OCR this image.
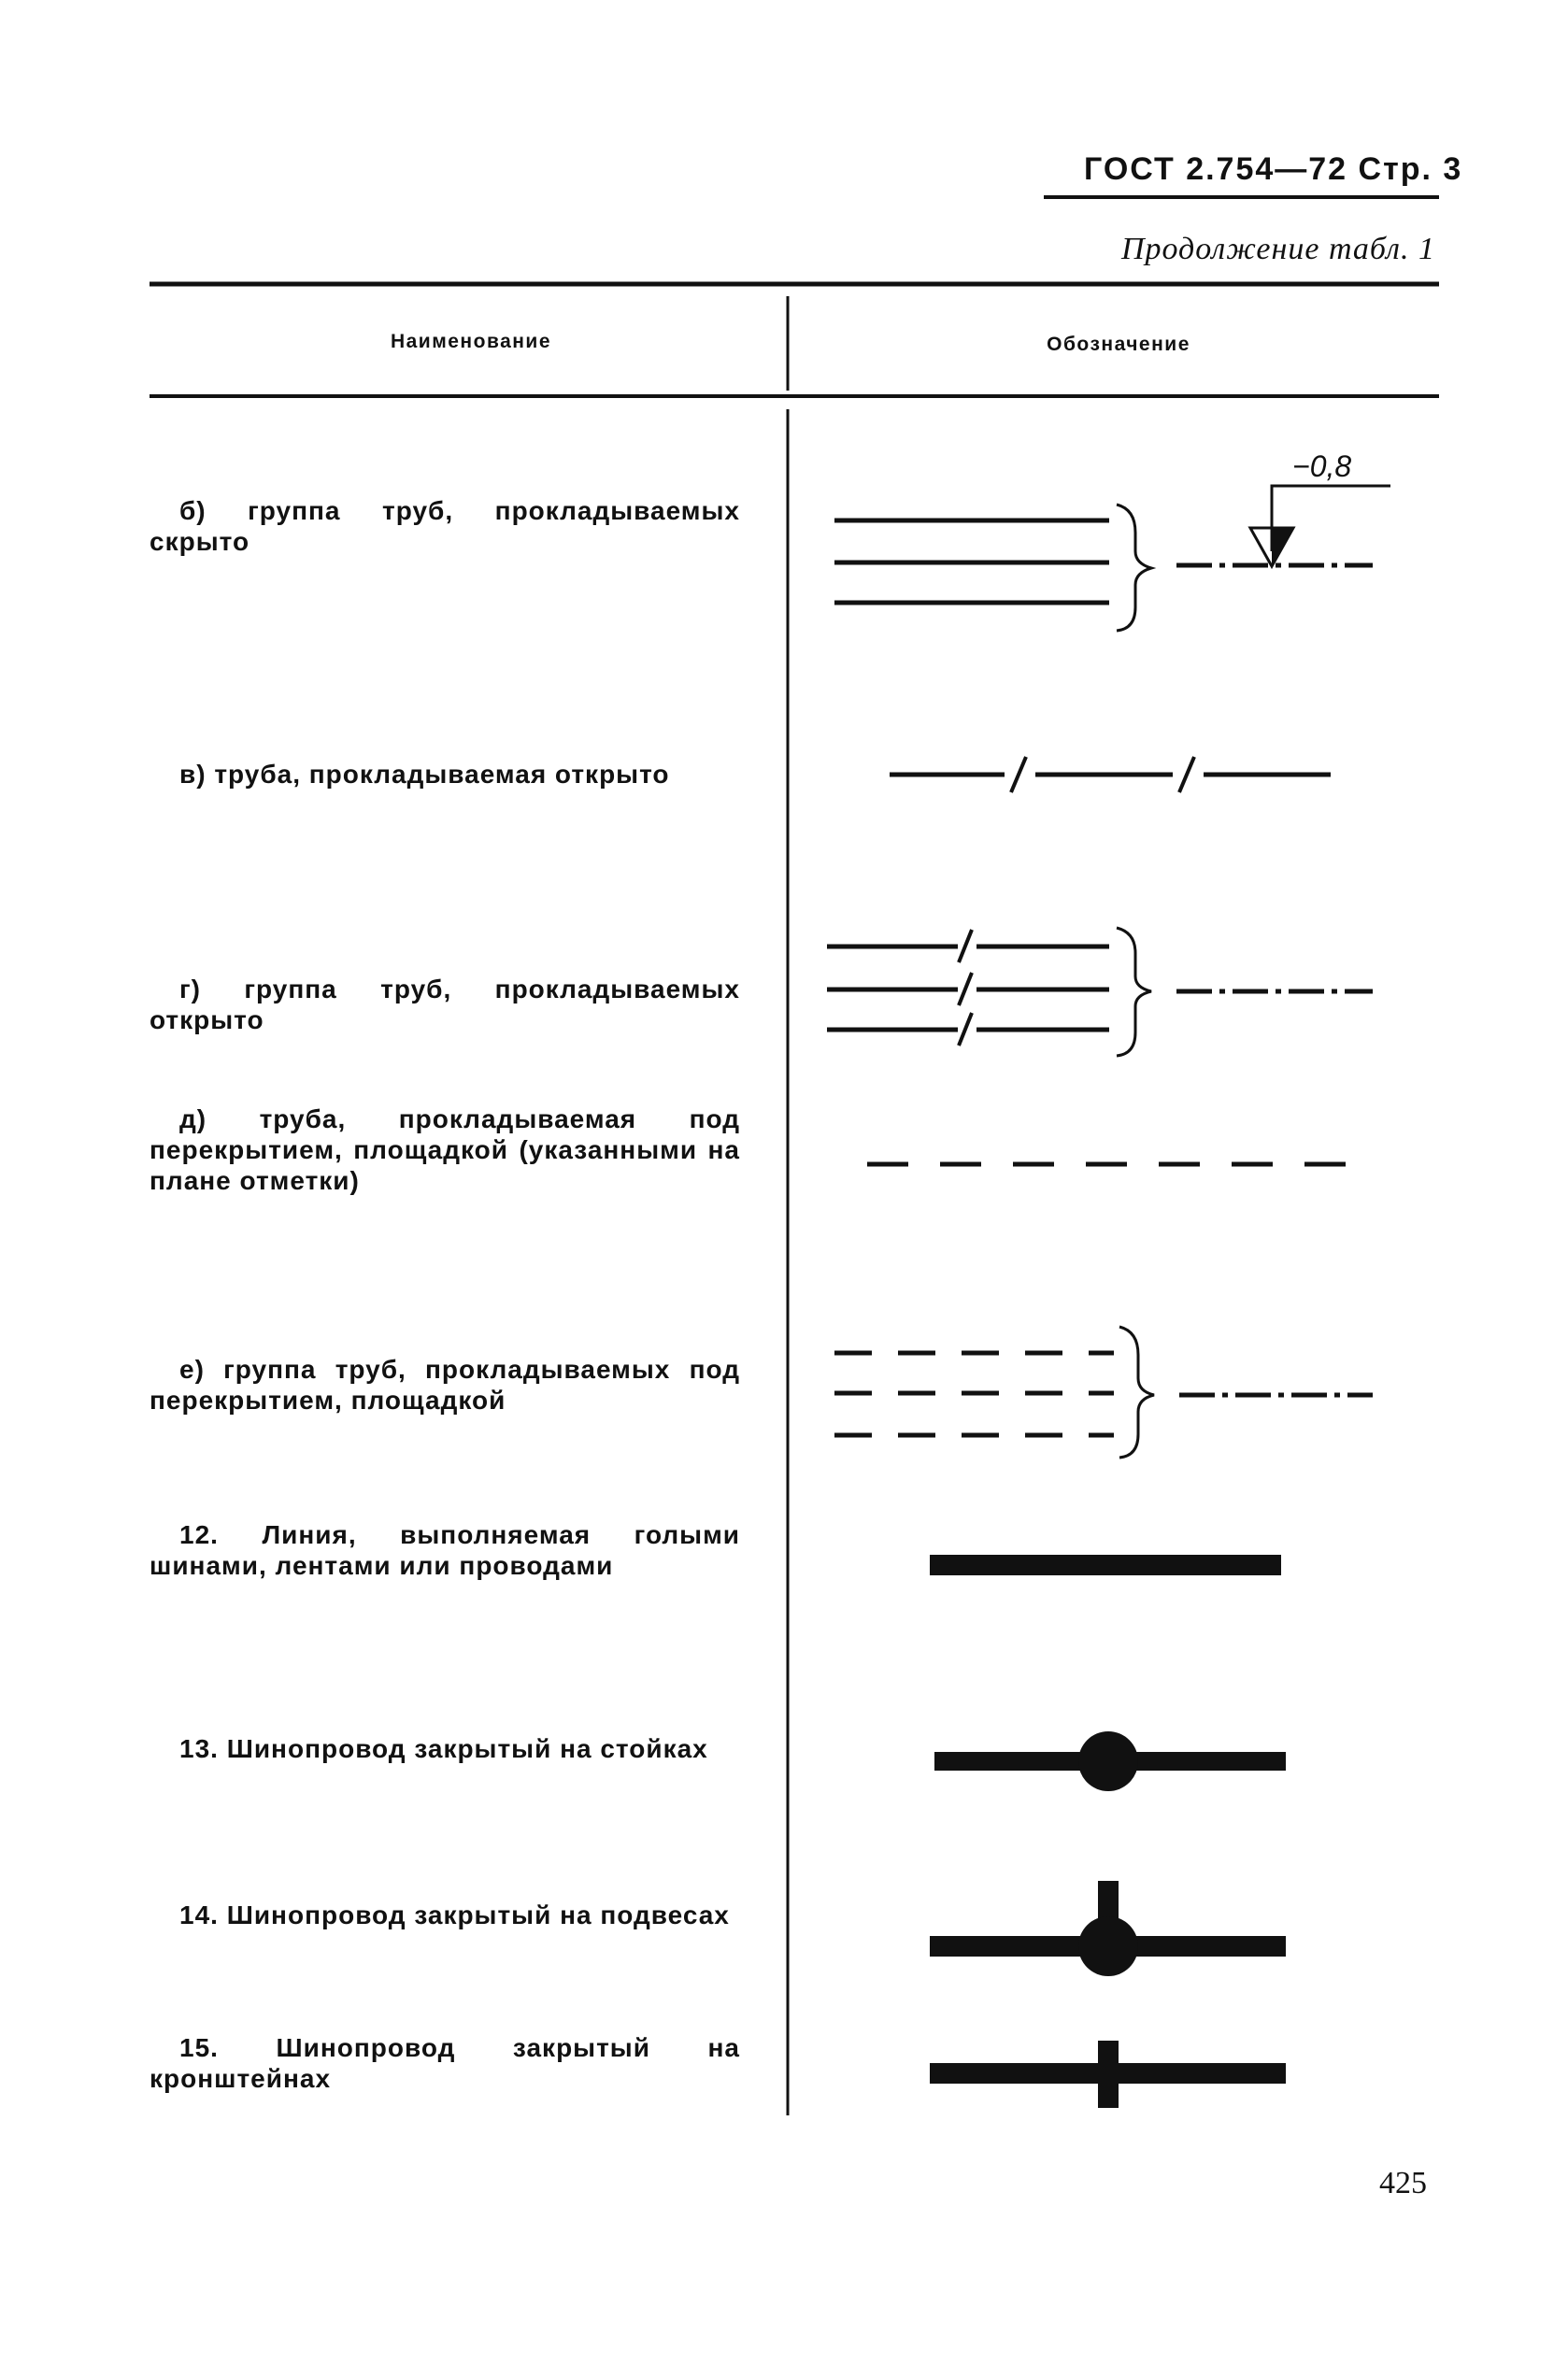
ГОСТ 2.754—72 Стр. 3
Продолжение табл. 1
Наименование	Обозначение
б) группа труб, прокладываемых скрыто
в) труба, прокладываемая открыто
г) группа труб, прокладываемых открыто
д) труба, прокладываемая под перекрытием, площадкой (указанными на плане отметки)
е) группа труб, прокладываемых под перекрытием, площадкой
12. Линия, выполняемая голыми шинами, лентами или проводами
13. Шинопровод закрытый на стойках
14. Шинопровод закрытый на подвесах
15. Шинопровод закрытый на кронштейнах
425
−0,8
